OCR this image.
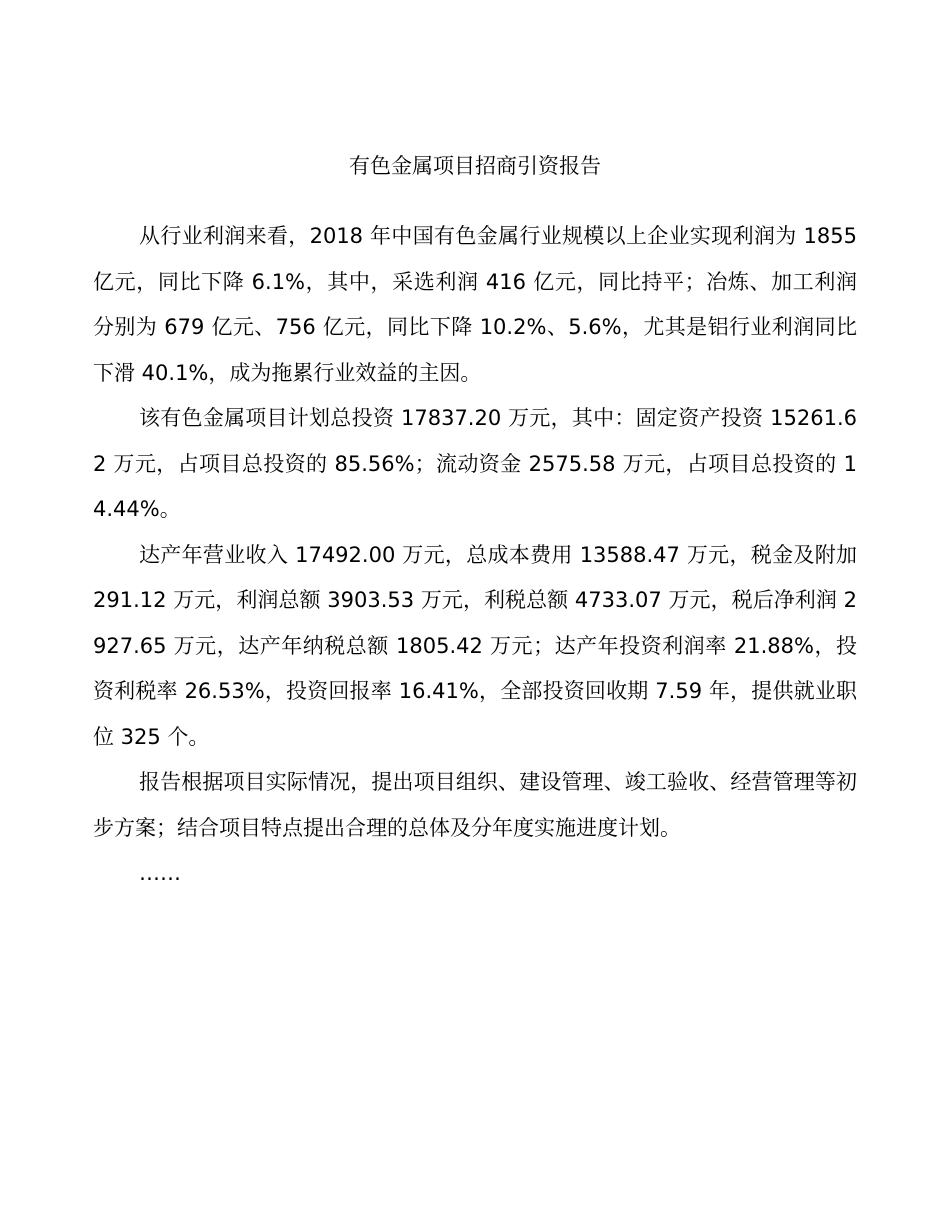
有色金属项目招商引资报告

从行业利润来看，2018 年中国有色金属行业规模以上企业实现利润为 1855 亿元，同比下降 6.1%，其中，采选利润 416 亿元，同比持平；冶炼、加工利润分别为 679 亿元、756 亿元，同比下降 10.2%、5.6%，尤其是铝行业利润同比下滑 40.1%，成为拖累行业效益的主因。

该有色金属项目计划总投资 17837.20 万元，其中：固定资产投资 15261.62 万元，占项目总投资的 85.56%；流动资金 2575.58 万元，占项目总投资的 14.44%。

达产年营业收入 17492.00 万元，总成本费用 13588.47 万元，税金及附加 291.12 万元，利润总额 3903.53 万元，利税总额 4733.07 万元，税后净利润 2927.65 万元，达产年纳税总额 1805.42 万元；达产年投资利润率 21.88%，投资利税率 26.53%，投资回报率 16.41%，全部投资回收期 7.59 年，提供就业职位 325 个。

报告根据项目实际情况，提出项目组织、建设管理、竣工验收、经营管理等初步方案；结合项目特点提出合理的总体及分年度实施进度计划。

……
